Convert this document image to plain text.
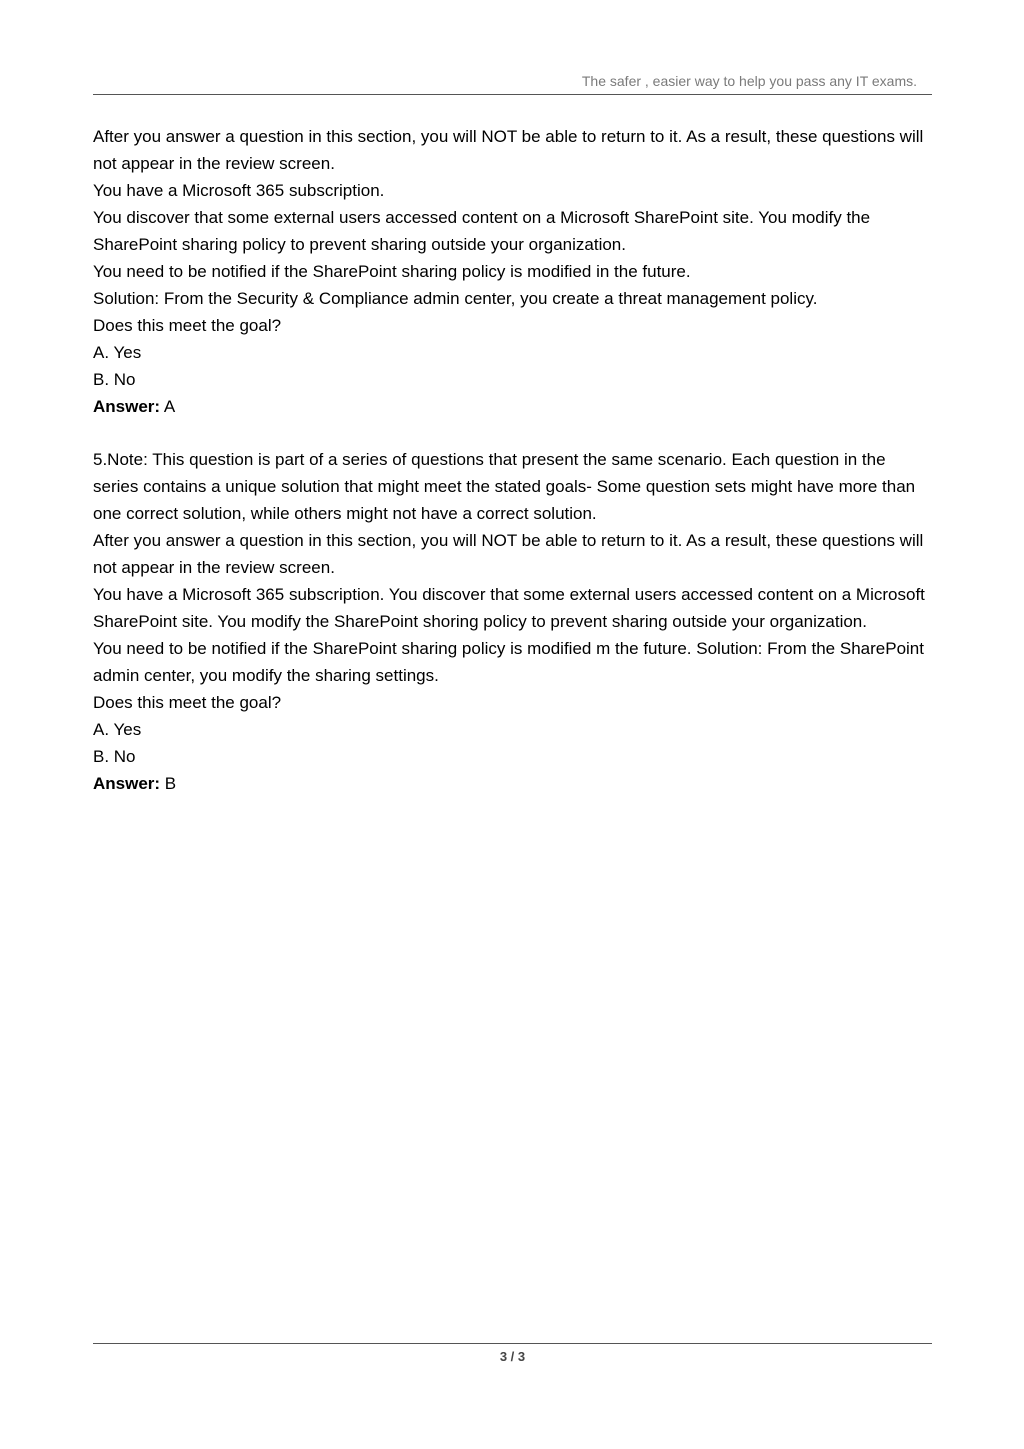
The safer , easier way to help you pass any IT exams.

After you answer a question in this section, you will NOT be able to return to it. As a result, these questions will not appear in the review screen.

You have a Microsoft 365 subscription.

You discover that some external users accessed content on a Microsoft SharePoint site. You modify the SharePoint sharing policy to prevent sharing outside your organization.

You need to be notified if the SharePoint sharing policy is modified in the future.

Solution: From the Security & Compliance admin center, you create a threat management policy.

Does this meet the goal?

A. Yes

B. No

Answer: A

5.Note: This question is part of a series of questions that present the same scenario. Each question in the series contains a unique solution that might meet the stated goals- Some question sets might have more than one correct solution, while others might not have a correct solution.

After you answer a question in this section, you will NOT be able to return to it. As a result, these questions will not appear in the review screen.

You have a Microsoft 365 subscription. You discover that some external users accessed content on a Microsoft SharePoint site. You modify the SharePoint shoring policy to prevent sharing outside your organization.

You need to be notified if the SharePoint sharing policy is modified m the future. Solution: From the SharePoint admin center, you modify the sharing settings.

Does this meet the goal?

A. Yes

B. No

Answer: B

3 / 3
